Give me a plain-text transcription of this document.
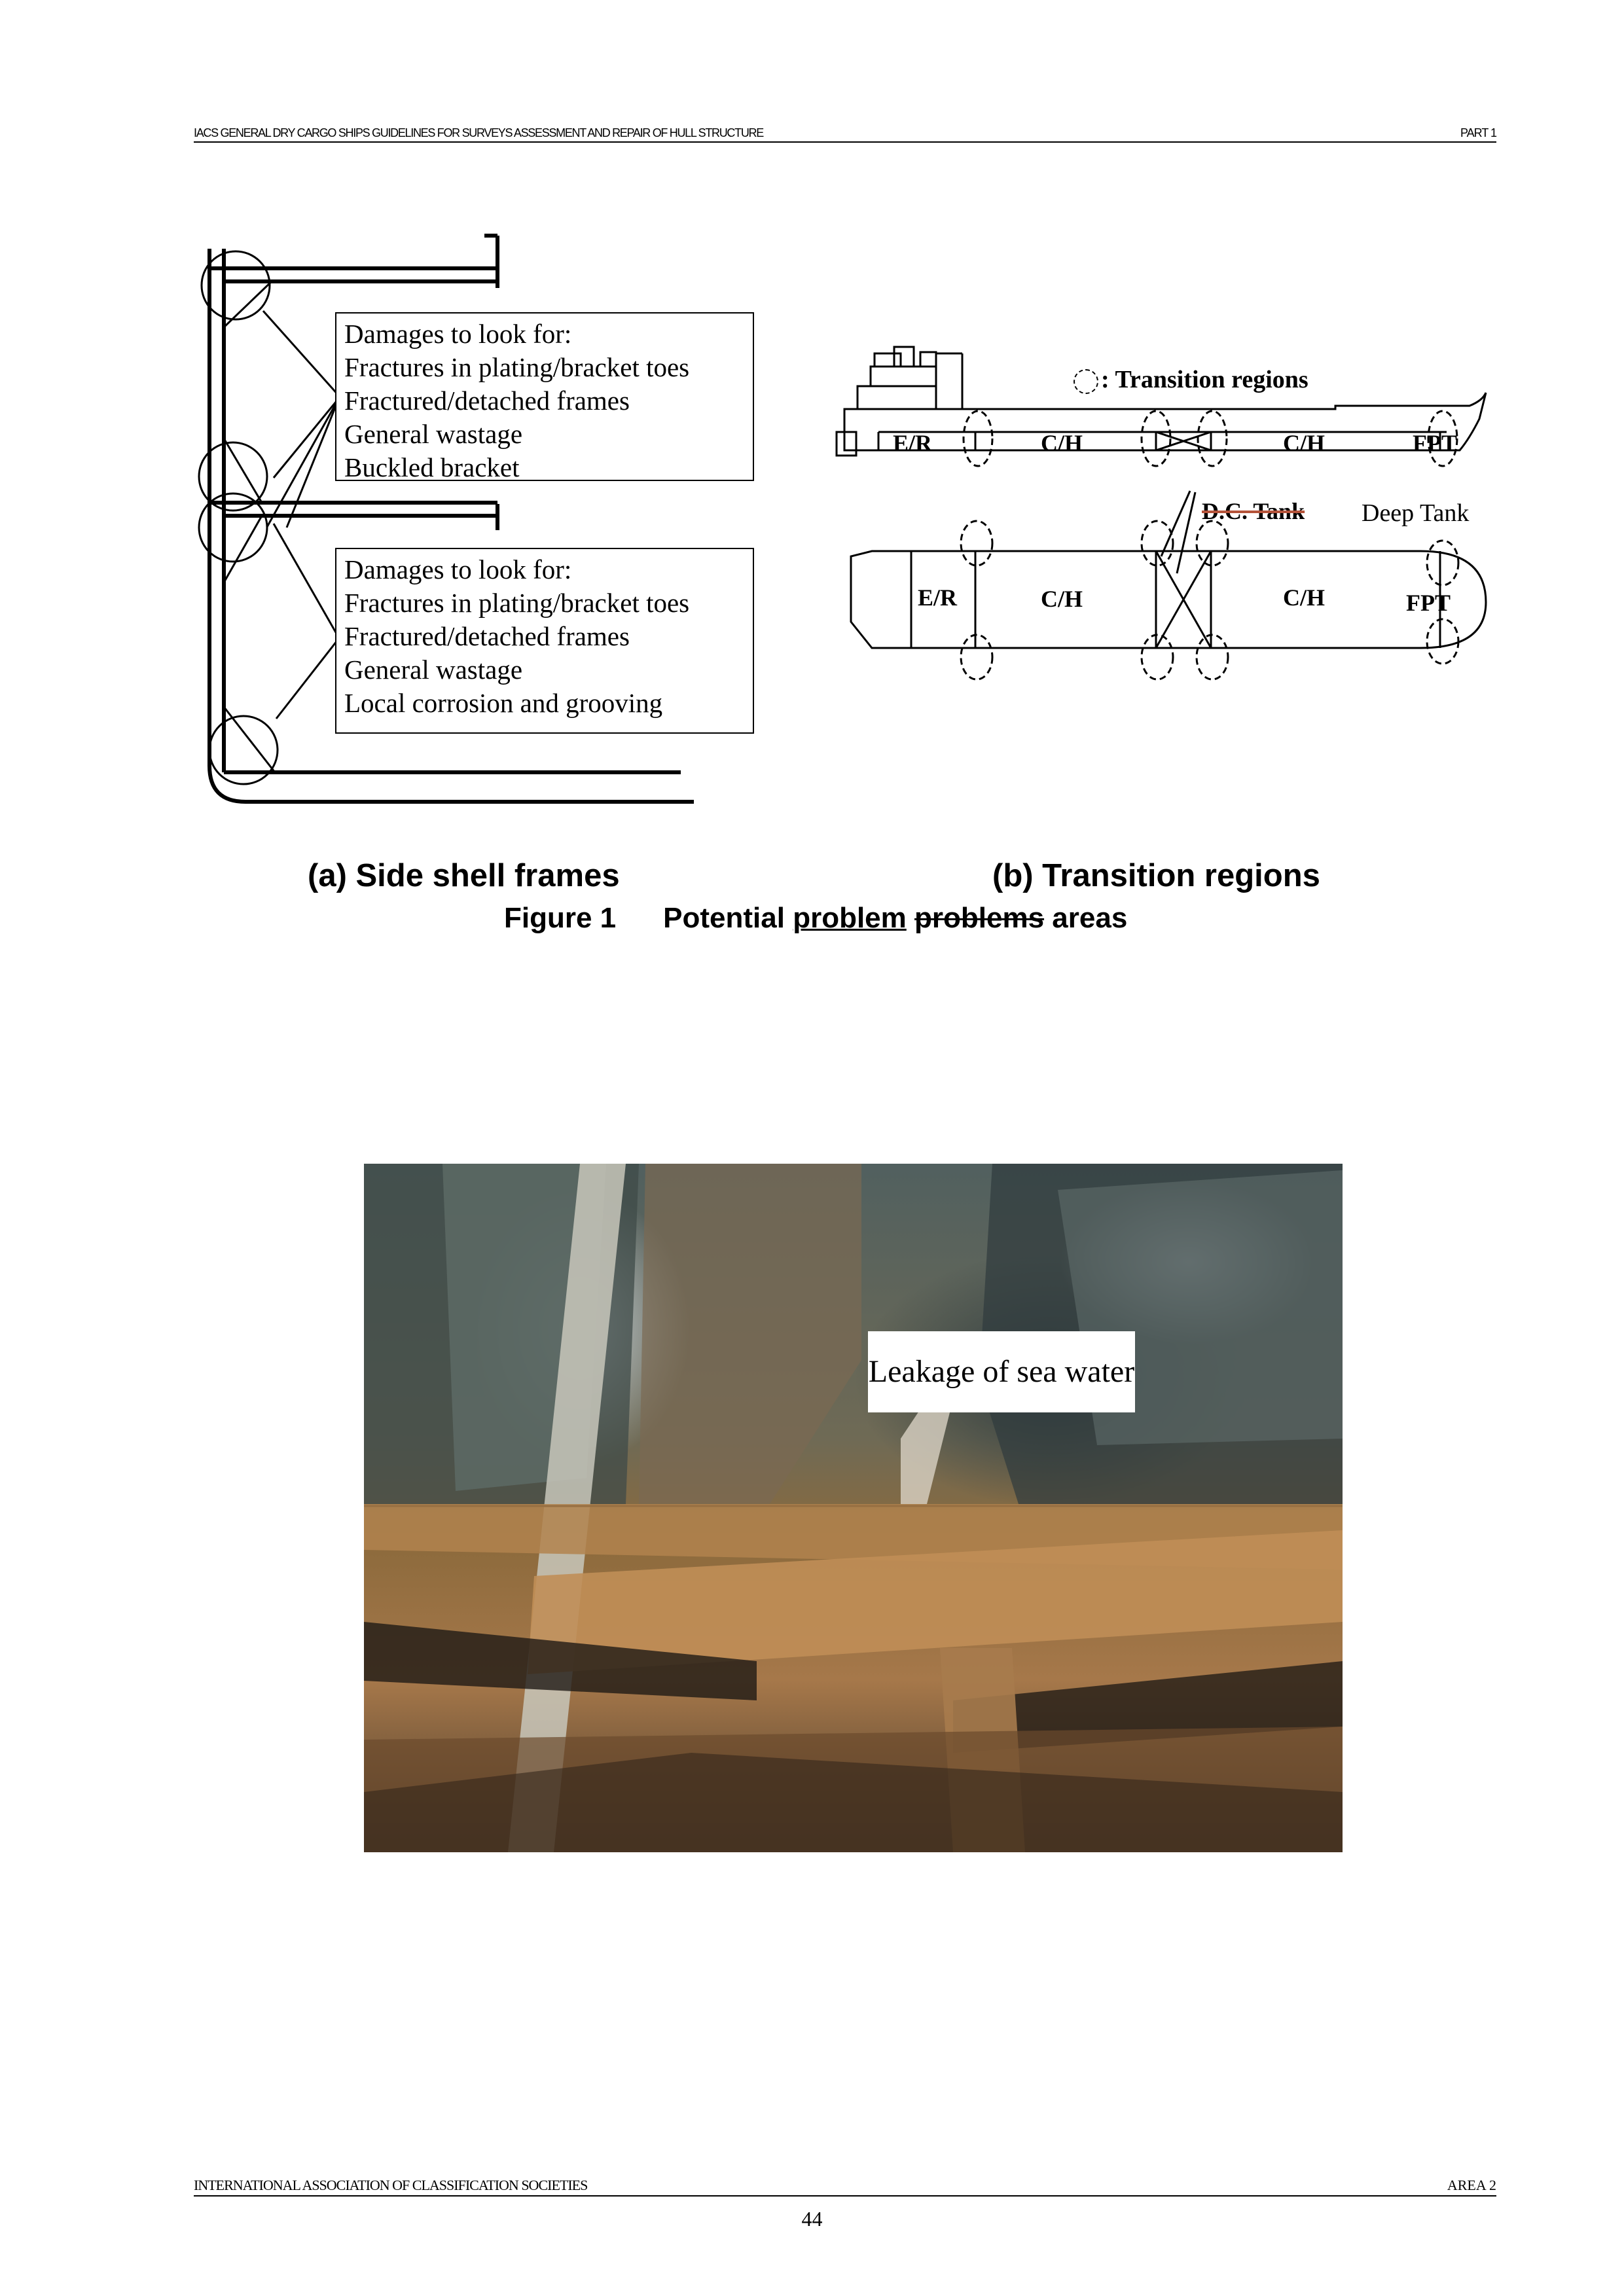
IACS GENERAL DRY CARGO SHIPS GUIDELINES FOR SURVEYS ASSESSMENT AND REPAIR OF HULL STRUCTURE	PART 1
Damages to look for:
Fractures in plating/bracket toes
Fractured/detached frames
General wastage
Buckled bracket
Damages to look for:
Fractures in plating/bracket toes
Fractured/detached frames
General wastage
Local corrosion and grooving
: Transition regions
E/R	C/H	C/H	FPT
D.C. Tank Deep Tank
E/R	C/H	C/H	FPT
(a) Side shell frames	(b) Transition regions
Figure 1 Potential problem problems areas
Leakage of sea water
INTERNATIONAL ASSOCIATION OF CLASSIFICATION SOCIETIES	AREA 2
44
